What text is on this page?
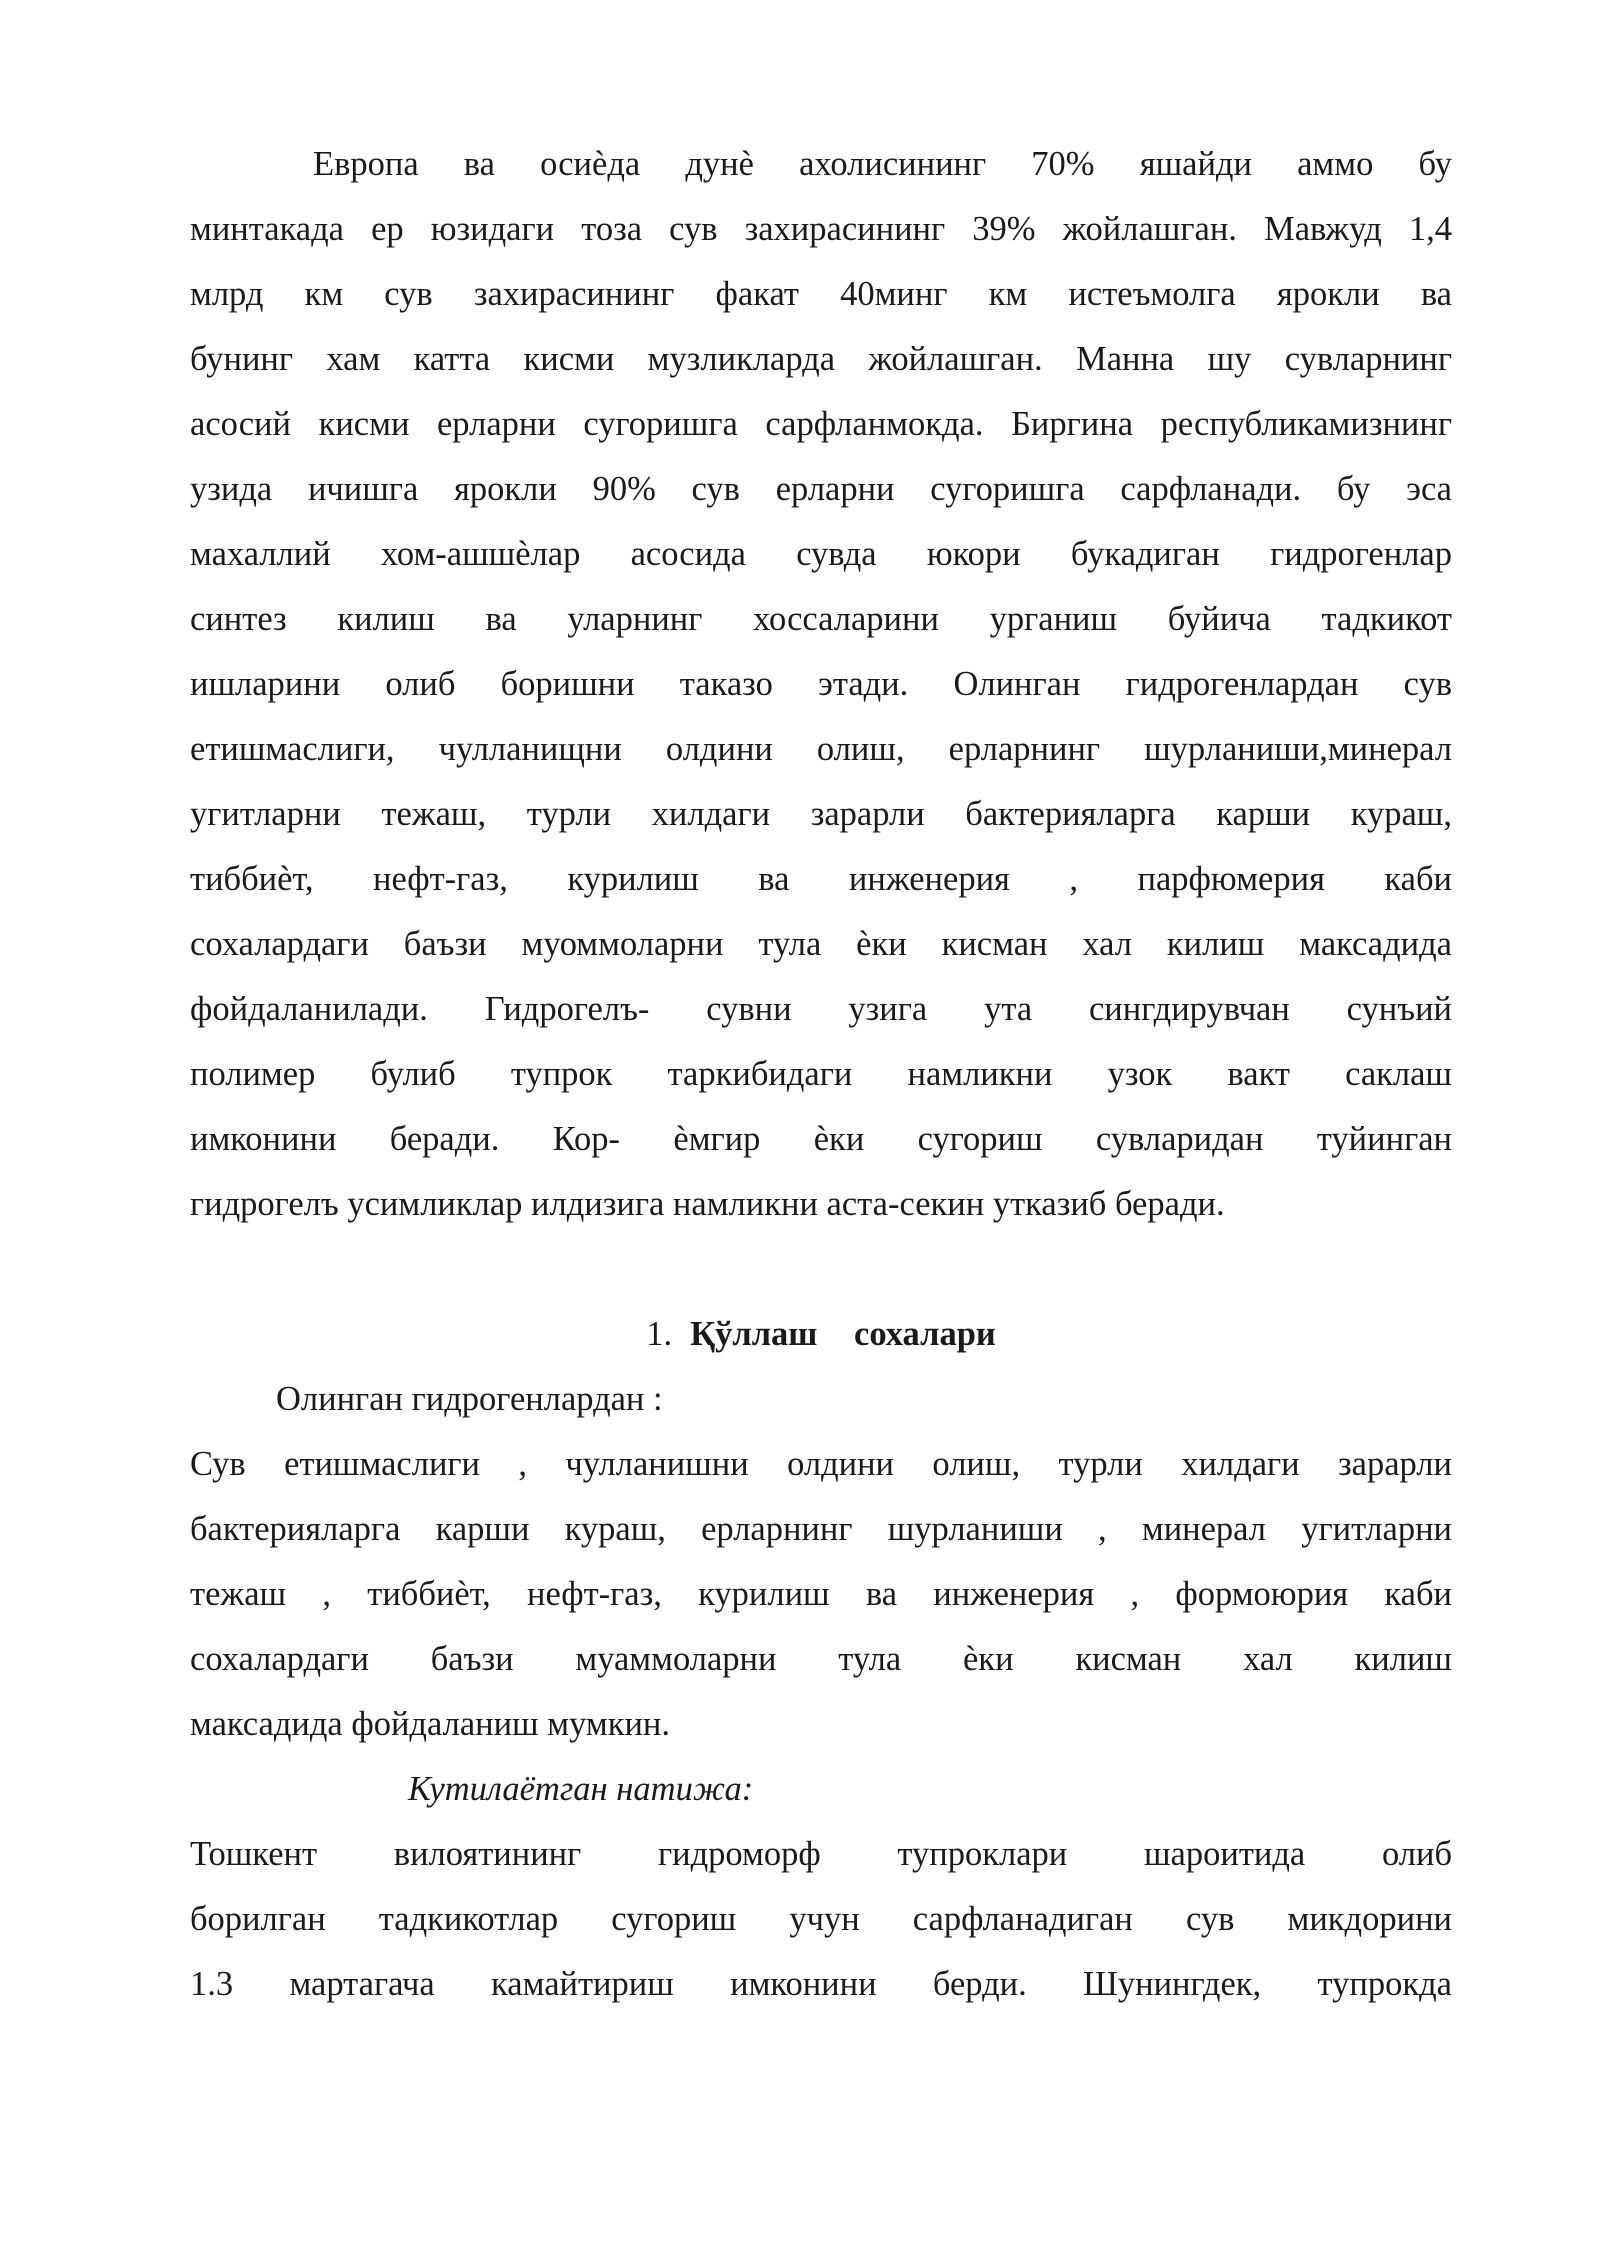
Европа ва осиѐда дунѐ ахолисининг 70% яшайди аммо бу
минтакада ер юзидаги тоза сув захирасининг 39% жойлашган. Мавжуд 1,4
млрд км сув захирасининг факат 40минг км истеъмолга ярокли ва
бунинг хам катта кисми музликларда жойлашган. Манна шу сувларнинг
асосий кисми ерларни сугоришга сарфланмокда. Биргина республикамизнинг
узида ичишга ярокли 90% сув ерларни сугоришга сарфланади. бу эса
махаллий хом-ашшѐлар асосида сувда юкори букадиган гидрогенлар
синтез килиш ва уларнинг хоссаларини урганиш буйича тадкикот
ишларини олиб боришни таказо этади. Олинган гидрогенлардан сув
етишмаслиги, чулланищни олдини олиш, ерларнинг шурланиши,минерал
угитларни тежаш, турли хилдаги зарарли бактерияларга карши кураш,
тиббиѐт, нефт-газ, курилиш ва инженерия , парфюмерия каби
сохалардаги баъзи муоммоларни тула ѐки кисман хал килиш максадида
фойдаланилади. Гидрогелъ- сувни узига ута сингдирувчан сунъий
полимер булиб тупрок таркибидаги намликни узок вакт саклаш
имконини беради. Кор- ѐмгир ѐки сугориш сувларидан туйинган
гидрогелъ усимликлар илдизига намликни аста-секин утказиб беради.
1. Қўллаш сохалари
Олинган гидрогенлардан :
Сув етишмаслиги , чулланишни олдини олиш, турли хилдаги зарарли
бактерияларга карши кураш, ерларнинг шурланиши , минерал угитларни
тежаш , тиббиѐт, нефт-газ, курилиш ва инженерия , формоюрия каби
сохалардаги баъзи муаммоларни тула ѐки кисман хал килиш
максадида фойдаланиш мумкин.
Кутилаётган натижа:
Тошкент вилоятининг гидроморф тупроклари шароитида олиб
борилган тадкикотлар сугориш учун сарфланадиган сув микдорини
1.3 мартагача камайтириш имконини берди. Шунингдек, тупрокда
